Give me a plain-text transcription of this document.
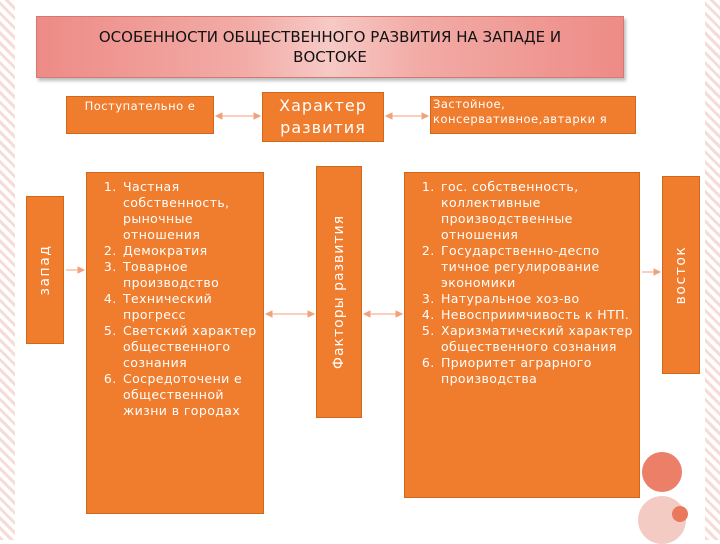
ОСОБЕННОСТИ ОБЩЕСТВЕННОГО РАЗВИТИЯ НА ЗАПАДЕ И ВОСТОКЕ
Поступательно е	Характер развития
Застойное, консервативное,автарки я
запад
1. Частная собственность, рыночные отношения
2. Демократия
3. Товарное производство
4. Технический прогресс
5. Светский характер общественного сознания
6. Сосредоточени е общественной жизни в городах
Факторы развития
1. гос. собственность, коллективные производственные отношения
2. Государственно-деспо тичное регулирование экономики
3. Натуральное хоз-во
4. Невосприимчивость к НТП.
5. Харизматический характер общественного сознания
6. Приоритет аграрного производства
восток
